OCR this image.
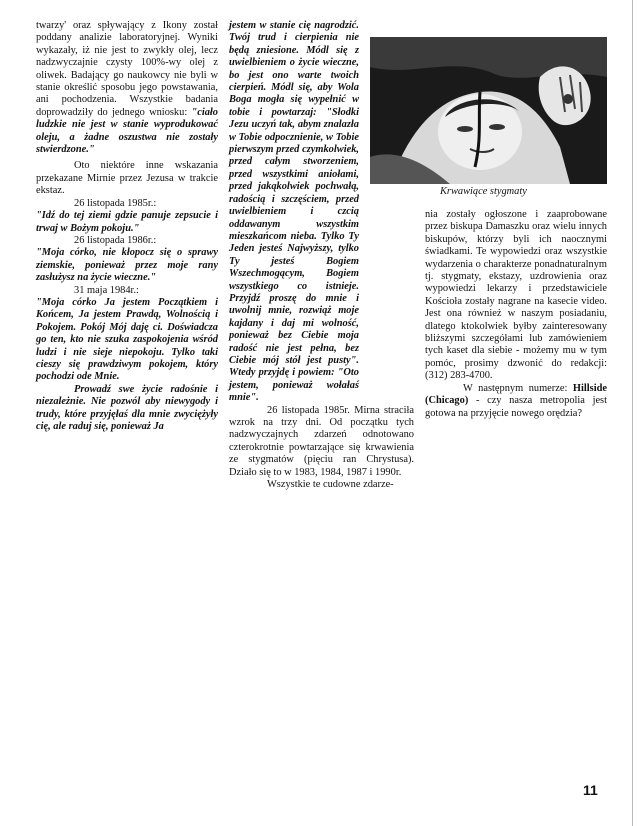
twarzy' oraz spływający z Ikony został poddany analizie laboratoryjnej. Wyniki wykazały, iż nie jest to zwykły olej, lecz nadzwyczajnie czysty 100%-wy olej z oliwek. Badający go naukowcy nie byli w stanie określić sposobu jego powstawania, ani pochodzenia. Wszystkie badania doprowadziły do jednego wniosku: "ciało ludzkie nie jest w stanie wyprodukować oleju, a żadne oszustwa nie zostały stwierdzone."

Oto niektóre inne wskazania przekazane Mirnie przez Jezusa w trakcie ekstaz.

26 listopada 1985r.:

"Idź do tej ziemi gdzie panuje zepsucie i trwaj w Bożym pokoju."

26 listopada 1986r.:

"Moja córko, nie kłopocz się o sprawy ziemskie, ponieważ przez moje rany zasłużysz na życie wieczne."

31 maja 1984r.:

"Moja córko Ja jestem Początkiem i Końcem, Ja jestem Prawdą, Wolnością i Pokojem. Pokój Mój daję ci. Doświadcza go ten, kto nie szuka zaspokojenia wśród ludzi i nie sieje niepokoju. Tylko taki cieszy się prawdziwym pokojem, który pochodzi ode Mnie.

Prowadź swe życie radośnie i niezależnie. Nie pozwól aby niewygody i trudy, które przyjęłaś dla mnie zwyciężyły cię, ale raduj się, ponieważ Ja

jestem w stanie cię nagrodzić. Twój trud i cierpienia nie będą zniesione. Módl się z uwielbieniem o życie wieczne, bo jest ono warte twoich cierpień. Módl się, aby Wola Boga mogła się wypełnić w tobie i powtarzaj: "Słodki Jezu uczyń tak, abym znalazła w Tobie odpocznienie, w Tobie pierwszym przed czymkolwiek, przed całym stworzeniem, przed wszystkimi aniołami, przed jakąkolwiek pochwałą, radością i szczęściem, przed uwielbieniem i czcią oddawanym wszystkim mieszkańcom nieba. Tylko Ty Jeden jesteś Najwyższy, tylko Ty jesteś Bogiem Wszechmogącym, Bogiem wszystkiego co istnieje. Przyjdź proszę do mnie i uwolnij mnie, rozwiąż moje kajdany i daj mi wolność, ponieważ bez Ciebie moja radość nie jest pełna, bez Ciebie mój stół jest pusty". Wtedy przyjdę i powiem: "Oto jestem, ponieważ wołałaś mnie".

26 listopada 1985r. Mirna straciła wzrok na trzy dni. Od początku tych nadzwyczajnych zdarzeń odnotowano czterokrotnie powtarzające się krwawienia ze stygmatów (pięciu ran Chrystusa). Działo się to w 1983, 1984, 1987 i 1990r.

Wszystkie te cudowne zdarze-

Krwawiące stygmaty

nia zostały ogłoszone i zaaprobowane przez biskupa Damaszku oraz wielu innych biskupów, którzy byli ich naocznymi świadkami. Te wypowiedzi oraz wszystkie wydarzenia o charakterze ponadnaturalnym tj. stygmaty, ekstazy, uzdrowienia oraz wypowiedzi lekarzy i przedstawiciele Kościoła zostały nagrane na kasecie video. Jest ona również w naszym posiadaniu, dlatego ktokolwiek byłby zainteresowany bliższymi szczegółami lub zamówieniem tych kaset dla siebie - możemy mu w tym pomóc, prosimy dzwonić do redakcji: (312) 283-4700.

W następnym numerze: Hillside (Chicago) - czy nasza metropolia jest gotowa na przyjęcie nowego orędzia?

11
